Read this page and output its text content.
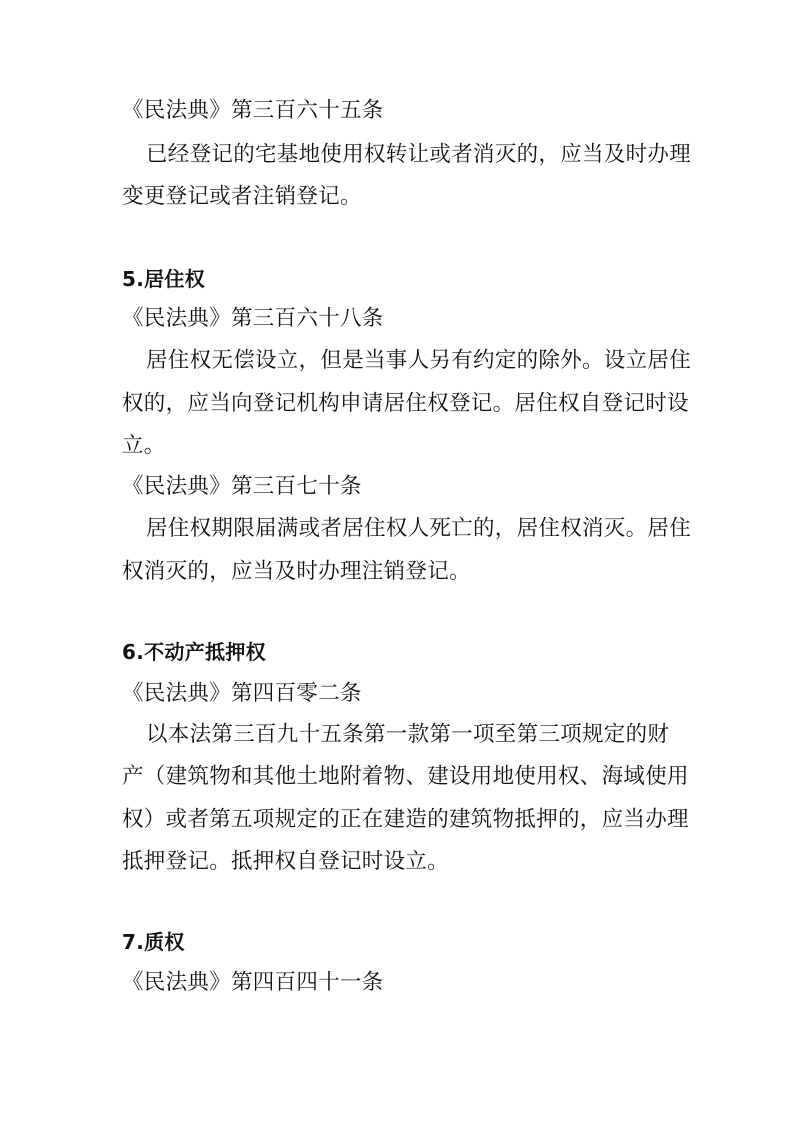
《民法典》第三百六十五条
已经登记的宅基地使用权转让或者消灭的，应当及时办理
变更登记或者注销登记。
5.居住权
《民法典》第三百六十八条
居住权无偿设立，但是当事人另有约定的除外。设立居住
权的，应当向登记机构申请居住权登记。居住权自登记时设
立。
《民法典》第三百七十条
居住权期限届满或者居住权人死亡的，居住权消灭。居住
权消灭的，应当及时办理注销登记。
6.不动产抵押权
《民法典》第四百零二条
以本法第三百九十五条第一款第一项至第三项规定的财
产（建筑物和其他土地附着物、建设用地使用权、海域使用
权）或者第五项规定的正在建造的建筑物抵押的，应当办理
抵押登记。抵押权自登记时设立。
7.质权
《民法典》第四百四十一条
